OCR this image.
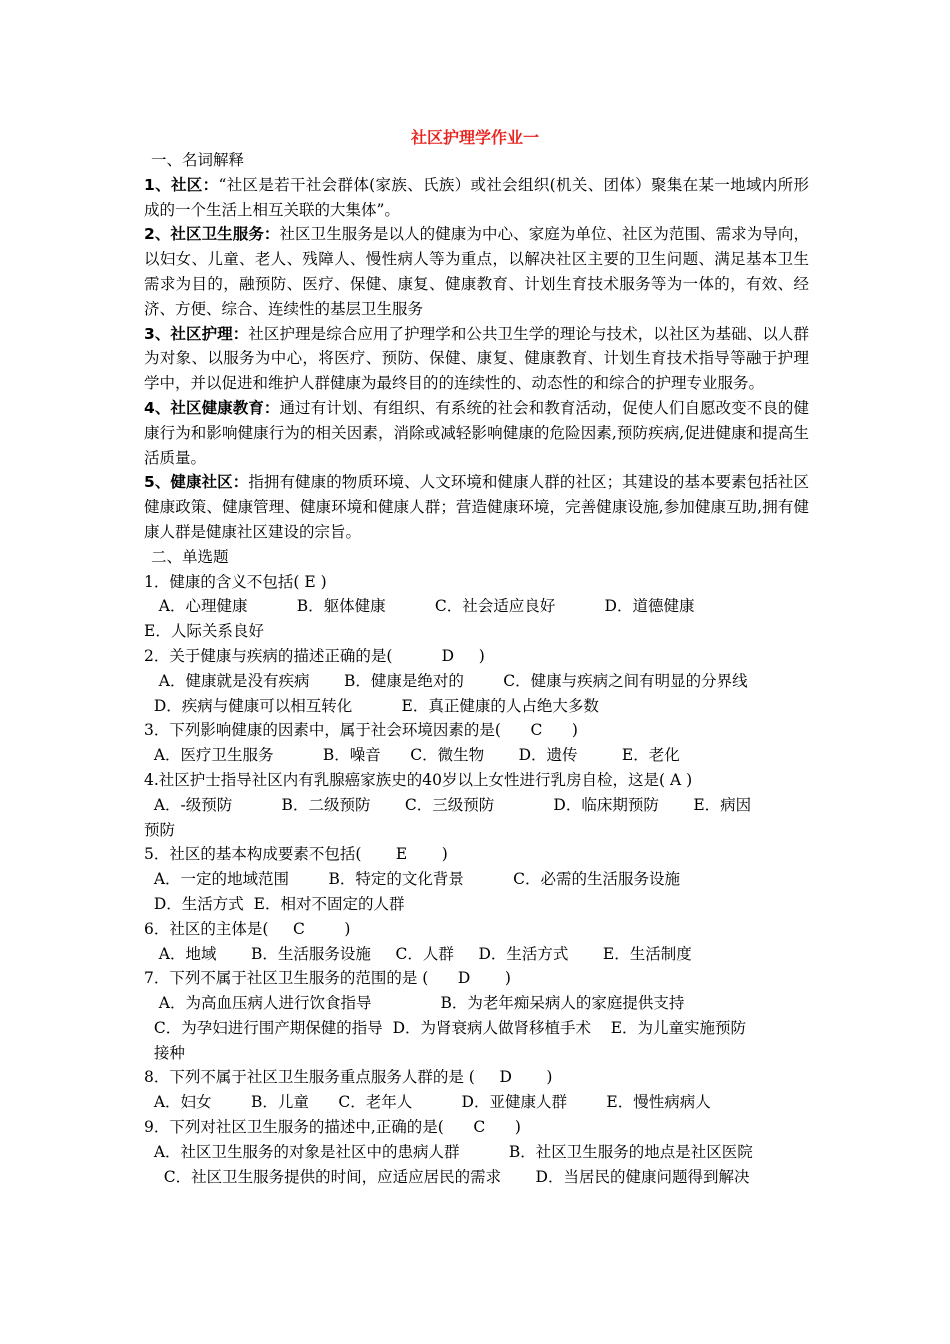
社区护理学作业一

一、名词解释

1、社区：“社区是若干社会群体(家族、氏族）或社会组织(机关、团体）聚集在某一地域内所形成的一个生活上相互关联的大集体”。

2、社区卫生服务：社区卫生服务是以人的健康为中心、家庭为单位、社区为范围、需求为导向，以妇女、儿童、老人、残障人、慢性病人等为重点，以解决社区主要的卫生问题、满足基本卫生需求为目的，融预防、医疗、保健、康复、健康教育、计划生育技术服务等为一体的，有效、经济、方便、综合、连续性的基层卫生服务

3、社区护理：社区护理是综合应用了护理学和公共卫生学的理论与技术，以社区为基础、以人群为对象、以服务为中心，将医疗、预防、保健、康复、健康教育、计划生育技术指导等融于护理学中，并以促进和维护人群健康为最终目的的连续性的、动态性的和综合的护理专业服务。

4、社区健康教育：通过有计划、有组织、有系统的社会和教育活动，促使人们自愿改变不良的健康行为和影响健康行为的相关因素，消除或减轻影响健康的危险因素,预防疾病,促进健康和提高生活质量。

5、健康社区：指拥有健康的物质环境、人文环境和健康人群的社区；其建设的基本要素包括社区健康政策、健康管理、健康环境和健康人群；营造健康环境，完善健康设施,参加健康互助,拥有健康人群是健康社区建设的宗旨。

二、单选题

1．健康的含义不包括( E )

A．心理健康          B．躯体健康          C．社会适应良好          D．道德健康

E．人际关系良好

2．关于健康与疾病的描述正确的是(          D     )

A．健康就是没有疾病       B．健康是绝对的        C．健康与疾病之间有明显的分界线

D．疾病与健康可以相互转化          E．真正健康的人占绝大多数

3．下列影响健康的因素中，属于社会环境因素的是(      C      )

A．医疗卫生服务          B．噪音      C．微生物       D．遗传         E．老化

4.社区护士指导社区内有乳腺癌家族史的40岁以上女性进行乳房自检，这是( A )

A．-级预防          B．二级预防       C．三级预防            D．临床期预防       E．病因

预防

5．社区的基本构成要素不包括(       E       )

A．一定的地域范围        B．特定的文化背景          C．必需的生活服务设施

D．生活方式  E．相对不固定的人群

6．社区的主体是(     C        )

A．地域       B．生活服务设施     C．人群     D．生活方式       E．生活制度

7．下列不属于社区卫生服务的范围的是 (      D       )

A．为高血压病人进行饮食指导              B．为老年痴呆病人的家庭提供支持

C．为孕妇进行围产期保健的指导  D．为肾衰病人做肾移植手术    E．为儿童实施预防

接种

8．下列不属于社区卫生服务重点服务人群的是 (     D       )

A．妇女        B．儿童      C．老年人          D．亚健康人群        E．慢性病病人

9．下列对社区卫生服务的描述中,正确的是(      C      )

A．社区卫生服务的对象是社区中的患病人群          B．社区卫生服务的地点是社区医院

C．社区卫生服务提供的时间，应适应居民的需求       D．当居民的健康问题得到解决
